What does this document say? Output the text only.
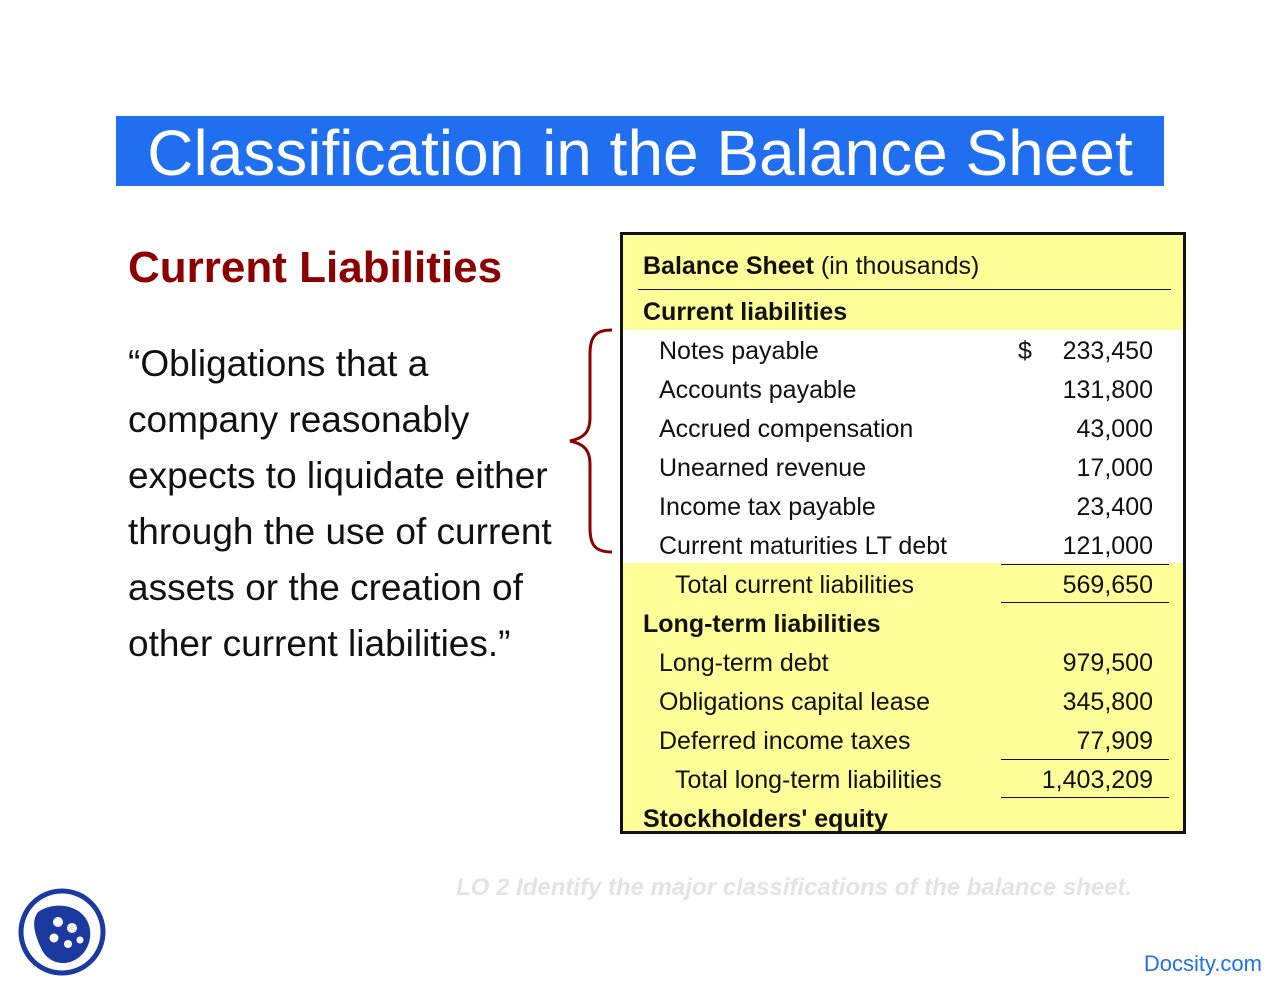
Classification in the Balance Sheet
Current Liabilities
“Obligations that a
company reasonably
expects to liquidate either
through the use of current
assets or the creation of
other current liabilities.”
Balance Sheet (in thousands)
Current liabilities
Notes payable	$ 233,450
Accounts payable	131,800
Accrued compensation	43,000
Unearned revenue	17,000
Income tax payable	23,400
Current maturities LT debt	121,000
Total current liabilities	569,650
Long-term liabilities
Long-term debt	979,500
Obligations capital lease	345,800
Deferred income taxes	77,909
Total long-term liabilities	1,403,209
Stockholders' equity
LO 2 Identify the major classifications of the balance sheet.
Docsity.com
